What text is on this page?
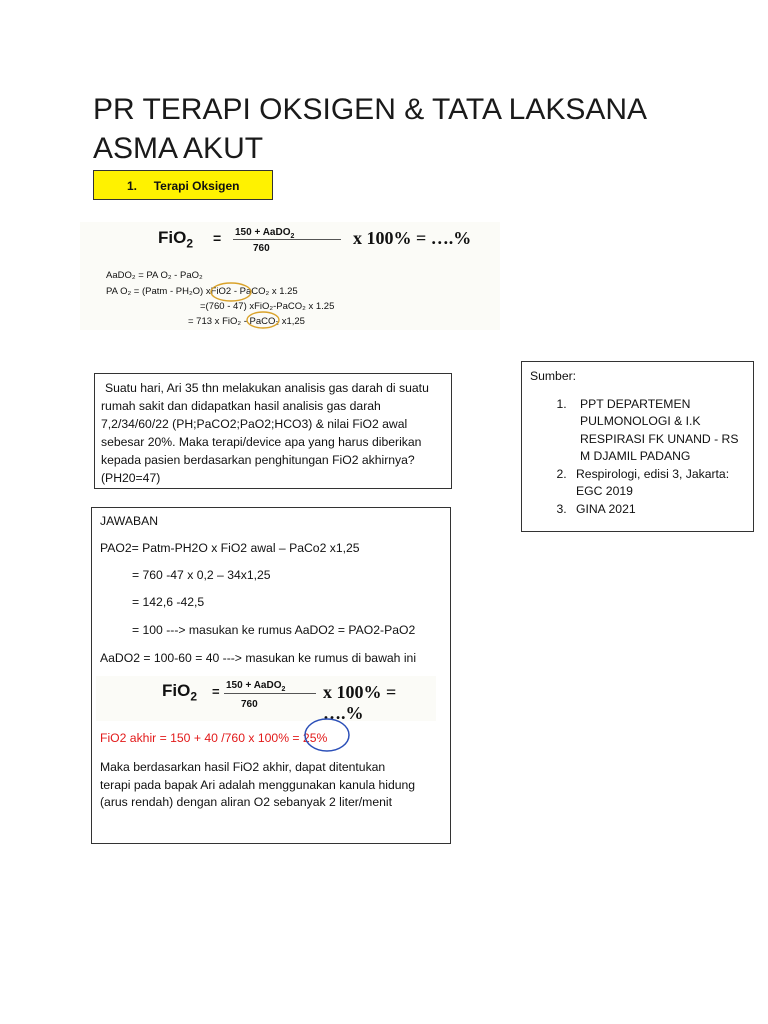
PR TERAPI OKSIGEN & TATA LAKSANA
ASMA AKUT
1. Terapi Oksigen
FiO$_2$ = 150 + AaDO$_2$
760
x 100% = ….%
AaDO₂ = PA O₂ - PaO₂
PA O₂ = (Patm - PH₂O) xFiO2 - PaCO₂ x 1.25
=(760 - 47) xFiO₂-PaCO₂ x 1.25
= 713 x FiO₂ - PaCO₂ x1,25
Suatu hari, Ari 35 thn melakukan analisis gas darah di suatu rumah sakit dan didapatkan hasil analisis gas darah 7,2/34/60/22 (PH;PaCO2;PaO2;HCO3) & nilai FiO2 awal sebesar 20%. Maka terapi/device apa yang harus diberikan kepada pasien berdasarkan penghitungan FiO2 akhirnya? (PH20=47)
Sumber:
1. PPT DEPARTEMEN PULMONOLOGI & I.K RESPIRASI FK UNAND - RS M DJAMIL PADANG
2. Respirologi, edisi 3, Jakarta: EGC 2019
3. GINA 2021
JAWABAN
PAO2= Patm-PH2O x FiO2 awal – PaCo2 x1,25
= 760 -47 x 0,2 – 34x1,25
= 142,6 -42,5
= 100 ---> masukan ke rumus AaDO2 = PAO2-PaO2
AaDO2 = 100-60 = 40 ---> masukan ke rumus di bawah ini
FiO$_2$ = 150 + AaDO$_2$
760
x 100% = ….%
FiO2 akhir = 150 + 40 /760 x 100% = 25%
Maka berdasarkan hasil FiO2 akhir, dapat ditentukan
terapi pada bapak Ari adalah menggunakan kanula hidung
(arus rendah) dengan aliran O2 sebanyak 2 liter/menit
